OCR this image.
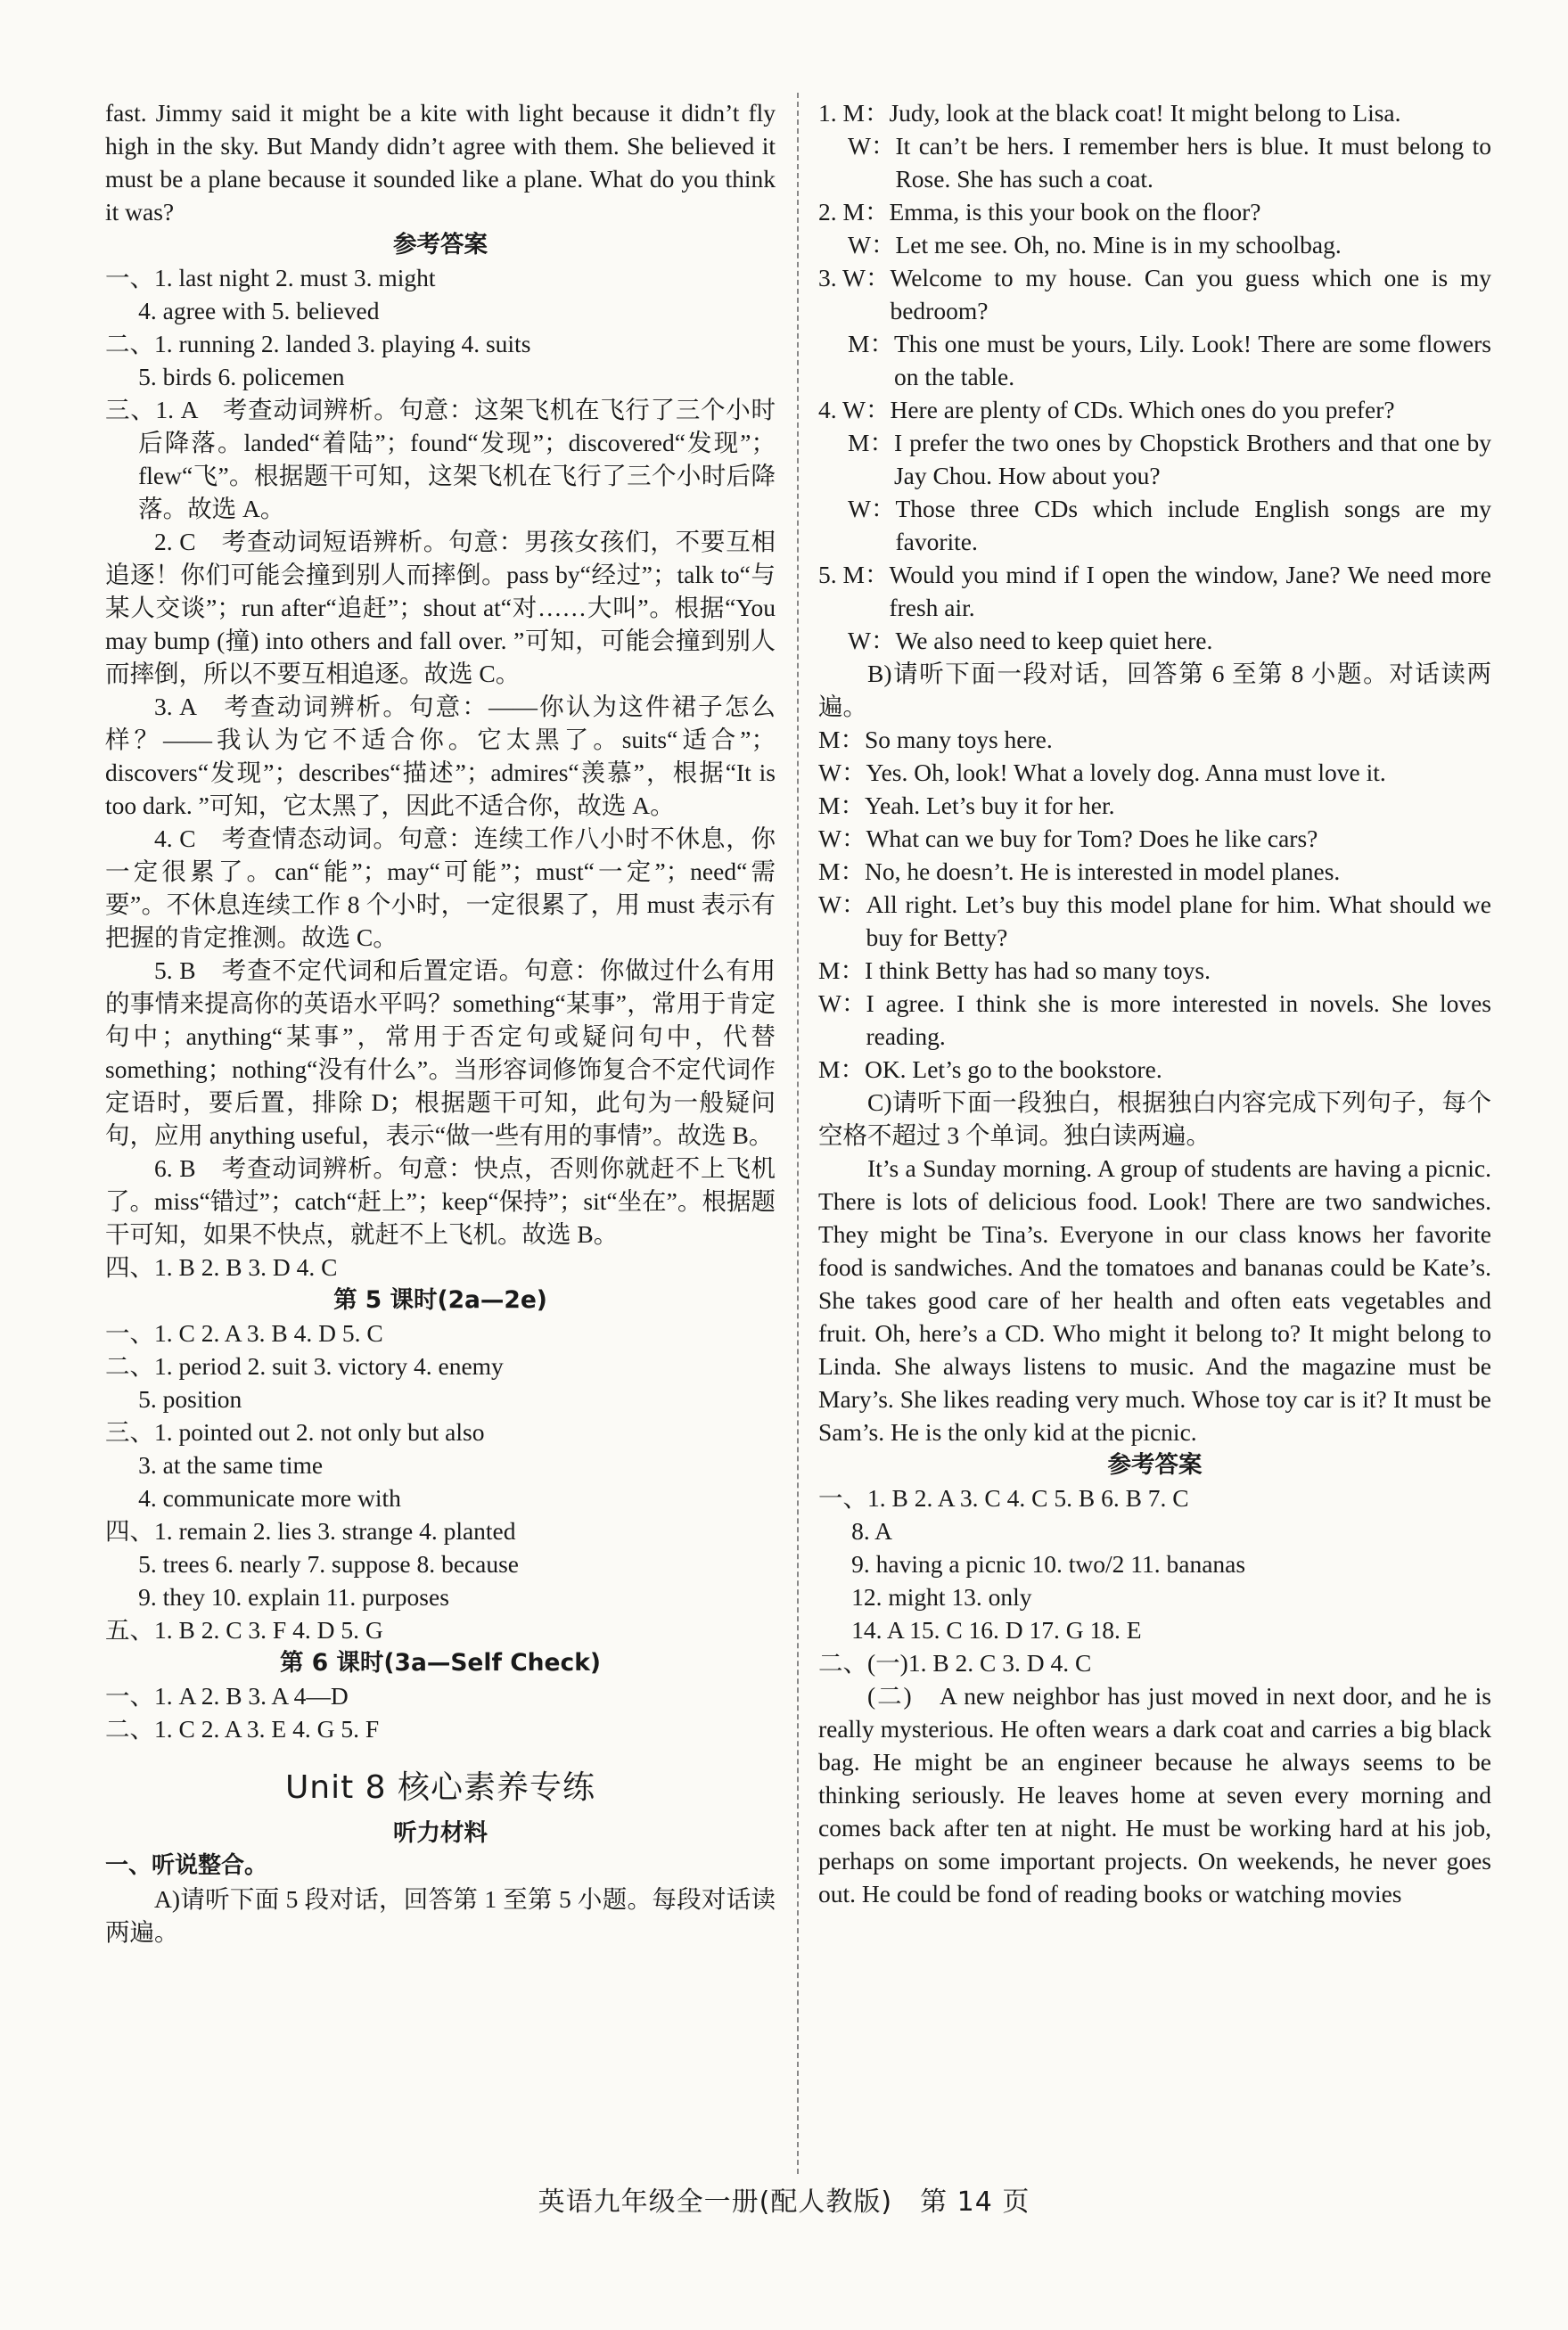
fast. Jimmy said it might be a kite with light because it didn’t fly high in the sky. But Mandy didn’t agree with them. She believed it must be a plane because it sounded like a plane. What do you think it was?

参考答案
一、1. last night 2. must 3. might
4. agree with 5. believed
二、1. running 2. landed 3. playing 4. suits
5. birds 6. policemen

三、1. A　考查动词辨析。句意：这架飞机在飞行了三个小时后降落。landed“着陆”；found“发现”；discovered“发现”；flew“飞”。根据题干可知，这架飞机在飞行了三个小时后降落。故选 A。

2. C　考查动词短语辨析。句意：男孩女孩们，不要互相追逐！你们可能会撞到别人而摔倒。pass by“经过”；talk to“与某人交谈”；run after“追赶”；shout at“对……大叫”。根据“You may bump (撞) into others and fall over. ”可知，可能会撞到别人而摔倒，所以不要互相追逐。故选 C。

3. A　考查动词辨析。句意：——你认为这件裙子怎么样？——我认为它不适合你。它太黑了。suits“适合”；discovers“发现”；describes“描述”；admires“羡慕”，根据“It is too dark. ”可知，它太黑了，因此不适合你，故选 A。

4. C　考查情态动词。句意：连续工作八小时不休息，你一定很累了。can“能”；may“可能”；must“一定”；need“需要”。不休息连续工作 8 个小时，一定很累了，用 must 表示有把握的肯定推测。故选 C。

5. B　考查不定代词和后置定语。句意：你做过什么有用的事情来提高你的英语水平吗？something“某事”，常用于肯定句中；anything“某事”，常用于否定句或疑问句中，代替 something；nothing“没有什么”。当形容词修饰复合不定代词作定语时，要后置，排除 D；根据题干可知，此句为一般疑问句，应用 anything useful，表示“做一些有用的事情”。故选 B。

6. B　考查动词辨析。句意：快点，否则你就赶不上飞机了。miss“错过”；catch“赶上”；keep“保持”；sit“坐在”。根据题干可知，如果不快点，就赶不上飞机。故选 B。

四、1. B 2. B 3. D 4. C
第 5 课时(2a—2e)
一、1. C 2. A 3. B 4. D 5. C
二、1. period 2. suit 3. victory 4. enemy
5. position
三、1. pointed out 2. not only but also
3. at the same time
4. communicate more with
四、1. remain 2. lies 3. strange 4. planted
5. trees 6. nearly 7. suppose 8. because
9. they 10. explain 11. purposes
五、1. B 2. C 3. F 4. D 5. G
第 6 课时(3a—Self Check)
一、1. A 2. B 3. A 4—D
二、1. C 2. A 3. E 4. G 5. F
Unit 8 核心素养专练
听力材料
一、听说整合。

A)请听下面 5 段对话，回答第 1 至第 5 小题。每段对话读两遍。

1. M： Judy, look at the black coat! It might belong to Lisa.
W： It can’t be hers. I remember hers is blue. It must belong to Rose. She has such a coat.
2. M： Emma, is this your book on the floor?
W： Let me see. Oh, no. Mine is in my schoolbag.
3. W： Welcome to my house. Can you guess which one is my bedroom?
M： This one must be yours, Lily. Look! There are some flowers on the table.
4. W： Here are plenty of CDs. Which ones do you prefer?
M： I prefer the two ones by Chopstick Brothers and that one by Jay Chou. How about you?
W： Those three CDs which include English songs are my favorite.
5. M： Would you mind if I open the window, Jane? We need more fresh air.
W： We also need to keep quiet here.

B)请听下面一段对话，回答第 6 至第 8 小题。对话读两遍。

M： So many toys here.
W： Yes. Oh, look! What a lovely dog. Anna must love it.
M： Yeah. Let’s buy it for her.
W： What can we buy for Tom? Does he like cars?
M： No, he doesn’t. He is interested in model planes.
W： All right. Let’s buy this model plane for him. What should we buy for Betty?
M： I think Betty has had so many toys.
W： I agree. I think she is more interested in novels. She loves reading.
M： OK. Let’s go to the bookstore.

C)请听下面一段独白，根据独白内容完成下列句子，每个空格不超过 3 个单词。独白读两遍。

It’s a Sunday morning. A group of students are having a picnic. There is lots of delicious food. Look! There are two sandwiches. They might be Tina’s. Everyone in our class knows her favorite food is sandwiches. And the tomatoes and bananas could be Kate’s. She takes good care of her health and often eats vegetables and fruit. Oh, here’s a CD. Who might it belong to? It might belong to Linda. She always listens to music. And the magazine must be Mary’s. She likes reading very much. Whose toy car is it? It must be Sam’s. He is the only kid at the picnic.

参考答案
一、1. B 2. A 3. C 4. C 5. B 6. B 7. C
8. A
9. having a picnic 10. two/2 11. bananas
12. might 13. only
14. A 15. C 16. D 17. G 18. E
二、(一)1. B 2. C 3. D 4. C

(二)　A new neighbor has just moved in next door, and he is really mysterious. He often wears a dark coat and carries a big black bag. He might be an engineer because he always seems to be thinking seriously. He leaves home at seven every morning and comes back after ten at night. He must be working hard at his job, perhaps on some important projects. On weekends, he never goes out. He could be fond of reading books or watching movies

英语九年级全一册(配人教版)　第 14 页
